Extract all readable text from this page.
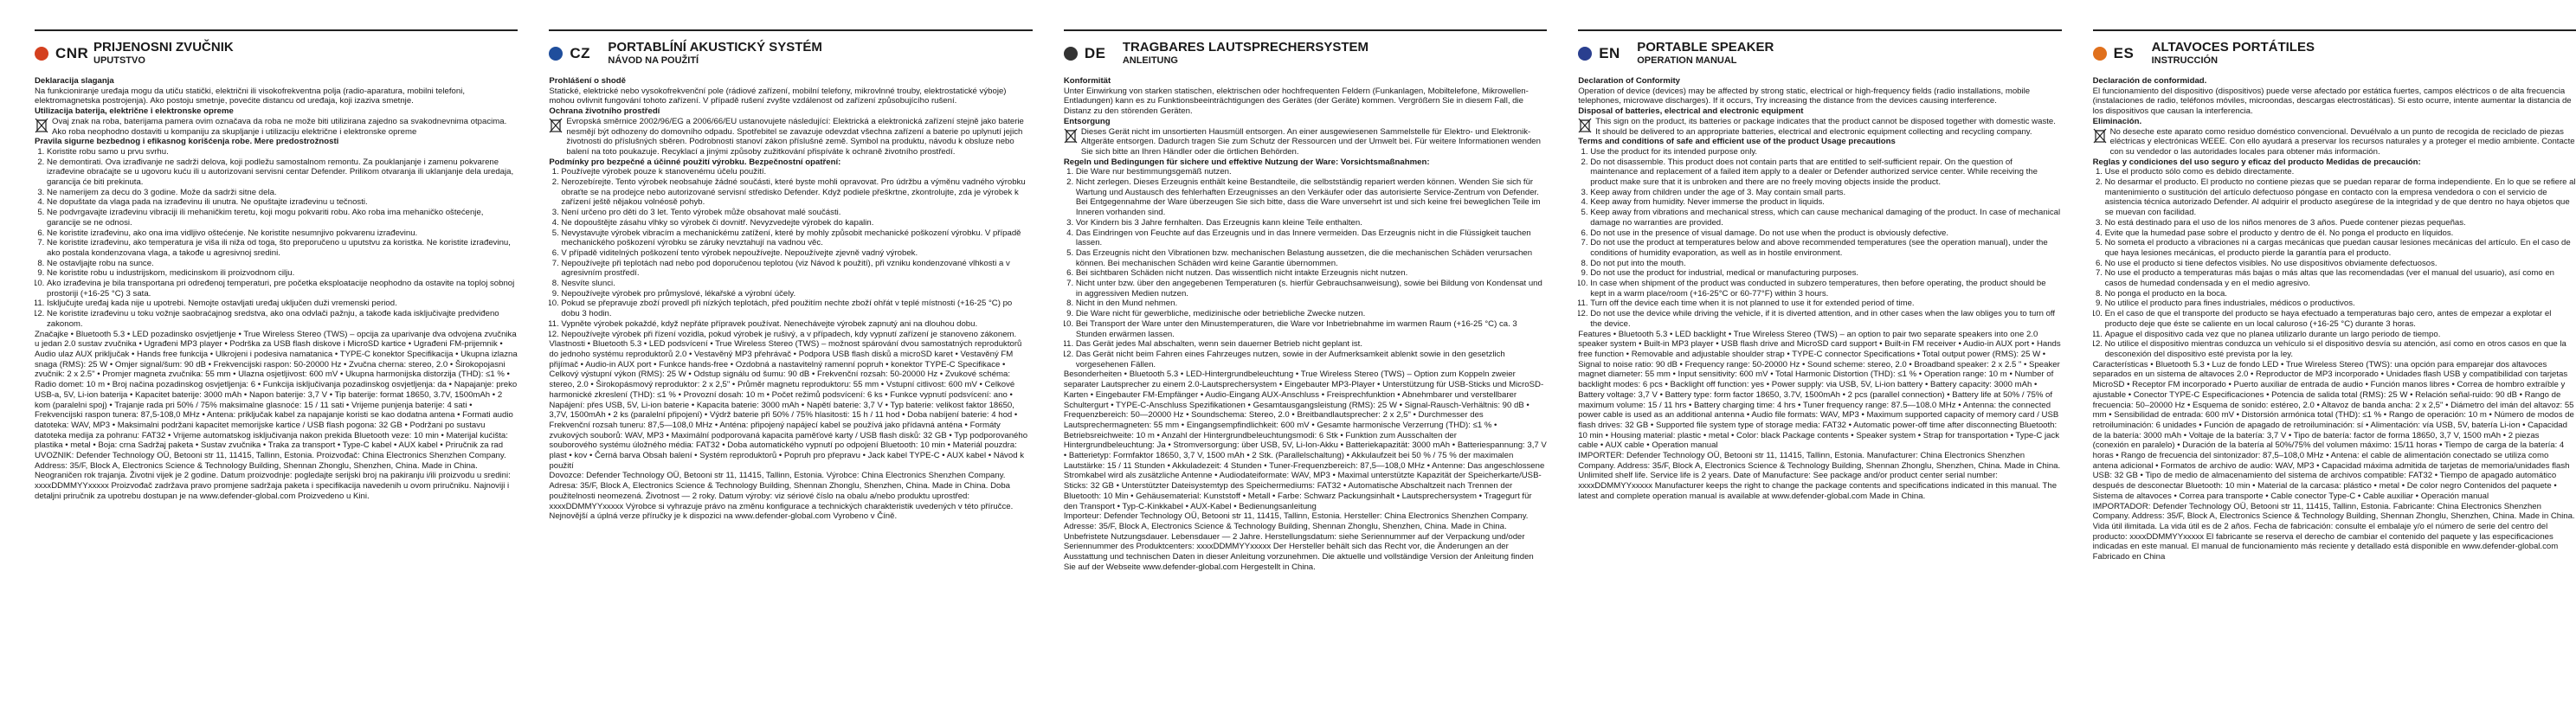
CNR PRIJENOSNI ZVUČNIK
UPUTSTVO

Deklaracija slaganja

Na funkcioniranje uređaja mogu da utiču statički, električni ili visokofrekventna polja (radio-aparatura, mobilni telefoni, elektromagnetska postrojenja). Ako postoju smetnje, povećite distancu od uređaja, koji izaziva smetnje.

Utilizacija baterija, električne i elektronske opreme

Ovaj znak na roba, baterijama pamera ovim označava da roba ne može biti utilizirana zajedno sa svakodnevnima otpacima. Ako roba neophodno dostaviti u kompaniju za skupljanje i utilizaciju električne i elektronske opreme

Pravila sigurne bezbednog i efikasnog korišćenja robe. Mere predostrožnosti

1. Koristite robu samo u prvu svrhu.
2. Ne demontirati. Ova izrađivanje ne sadrži delova, koji podležu samostalnom remontu. Za pouklanjanje i zamenu pokvarene izrađevine obraćajte se u ugovoru kuću ili u autorizovani servisni centar Defender. Prilikom otvaranja ili uklanjanje dela uredaja, garancija će biti prekinuta.
3. Ne namerijem za decu do 3 godine. Može da sadrži sitne dela.
4. Ne dopuštate da vlaga pada na izrađevinu ili unutra. Ne opuštajte izrađevinu u tečnosti.
5. Ne podvrgavajte izrađevinu vibraciji ili mehaničkim teretu, koji mogu pokvariti robu. Ako roba ima mehaničko oštećenje, garancije se ne odnosi.
6. Ne koristite izrađevinu, ako ona ima vidljivo oštećenje. Ne koristite nesumnjivo pokvarenu izrađevinu.
7. Ne koristite izrađevinu, ako temperatura je viša ili niža od toga, što preporučeno u uputstvu za koristka. Ne koristite izrađevinu, ako postala kondenzovana vlaga, a takođe u agresivnoj sredini.
8. Ne ostavljajte robu na sunce.
9. Ne koristite robu u industrijskom, medicinskom ili proizvodnom cilju.
10. Ako izrađevina je bila transportana pri određenoj temperaturi, pre početka eksploatacije neophodno da ostavite na toploj sobnoj prostoriji (+16-25 °C) 3 sata.
11. Isključujte uređaj kada nije u upotrebi. Nemojte ostavljati uređaj uključen duži vremenski period.
12. Ne koristite izrađevinu u toku vožnje saobraćajnog sredstva, ako ona odvlači pažnju, a takođe kada isključivajte predviđeno zakonom.

Značajke • Bluetooth 5.3 • LED pozadinsko osvjetljenje • True Wireless Stereo (TWS) – opcija za uparivanje dva odvojena zvučnika u jedan 2.0 sustav zvučnika • Ugrađeni MP3 player • Podrška za USB flash diskove i MicroSD kartice • Ugrađeni FM-prijemnik • Audio ulaz AUX priključak • Hands free funkcija • Ulkrojeni i podesiva namatanica • TYPE-C konektor Specifikacija • Ukupna izlazna snaga (RMS): 25 W • Omjer signal/šum: 90 dB • Frekvencijski raspon: 50-20000 Hz • Zvučna cherna: stereo, 2.0 • Širokopojasni zvučnik: 2 x 2.5" • Promjer magneta zvučnika: 55 mm • Ulazna osjetljivost: 600 mV • Ukupna harmonijska distorzija (THD): ≤1 % • Radio domet: 10 m • Broj načina pozadinskog osvjetljenja: 6 • Funkcija isključivanja pozadinskog osvjetljenja: da • Napajanje: preko USB-a, 5V, Li-ion baterija • Kapacitet baterije: 3000 mAh • Napon baterije: 3,7 V • Tip baterije: format 18650, 3.7V, 1500mAh • 2 kom (paralelni spoj) • Trajanje rada pri 50% / 75% maksimalne glasnoće: 15 / 11 sati • Vrijeme punjenja baterije: 4 sati • Frekvencijski raspon tunera: 87,5-108,0 MHz • Antena: priključak kabel za napajanje koristi se kao dodatna antena • Formati audio datoteka: WAV, MP3 • Maksimalni podržani kapacitet memorijske kartice / USB flash pogona: 32 GB • Podržani po sustavu datoteka medija za pohranu: FAT32 • Vrijeme automatskog isključivanja nakon prekida Bluetooth veze: 10 min • Materijal kućišta: plastika • metal • Boja: crna Sadržaj paketa • Sustav zvučnika • Traka za transport • Type-C kabel • AUX kabel • Priručnik za rad

UVOZNIK: Defender Technology OÜ, Betooni str 11, 11415, Tallinn, Estonia. Proizvođač: China Electronics Shenzhen Company. Address: 35/F, Block A, Electronics Science & Technology Building, Shennan Zhonglu, Shenzhen, China. Made in China. Neograničen rok trajanja. Životni vijek je 2 godine. Datum proizvodnje: pogledajte serijski broj na pakiranju i/ili proizvodu u sredini: xxxxDDMMYYxxxxx Proizvođač zadržava pravo promjene sadržaja paketa i specifikacija navedenih u ovom priručniku. Najnoviji i detaljni priručnik za upotrebu dostupan je na www.defender-global.com Proizvedeno u Kini.

CZ	PORTABLÍNÍ AKUSTICKÝ SYSTÉM
NÁVOD NA POUŽITÍ

Prohlášení o shodě

Statické, elektrické nebo vysokofrekvenční pole (rádiové zařízení, mobilní telefony, mikrovlnné trouby, elektrostatické výboje) mohou ovlivnit fungování tohoto zařízení. V případě rušení zvyšte vzdálenost od zařízení způsobujícího rušení.

Ochrana životního prostředí

Evropská směrnice 2002/96/EG a 2006/66/EU ustanovujete následující: Elektrická a elektronická zařízení stejně jako baterie nesmějí být odhozeny do domovního odpadu. Spotřebitel se zavazuje odevzdat všechna zařízení a baterie po uplynutí jejich životnosti do příslušných sběren. Podrobnosti stanoví zákon příslušné země. Symbol na produktu, návodu k obsluze nebo balení na toto poukazuje. Recyklací a jinými způsoby zužitkování přispíváte k ochraně životního prostředí.

Podmínky pro bezpečné a účinné použití výrobku. Bezpečnostní opatření:

1. Používejte výrobek pouze k stanovenému účelu použití.
2. Nerozebírejte. Tento výrobek neobsahuje žádné součásti, které bystе mohli opravovat. Pro údržbu a výměnu vadného výrobku obraťte se na prodejce nebo autorizované servisní středisko Defender. Když podiele přeškrtne, zkontrolujte, zda je výrobek k zařízení ještě nějakou volnéosě pohyb.
3. Není určeno pro děti do 3 let. Tento výrobek může obsahovat malé součásti.
4. Ne dopouštějte zásahu vlhky so výrobek či dovnitř. Nevyzvedejte výrobek do kapalin.
5. Nevystavujte výrobek vibracím a mechanickému zatížení, které by mohly způsobit mechanické poškození výrobku. V případě mechanického poškození výrobku se záruky nevztahují na vadnou věc.
6. V případě viditelných poškození tento výrobek nepoužívejte. Nepoužívejte zjevně vadný výrobek.
7. Nepoužívejte při teplotách nad nebo pod doporučenou teplotou (viz Návod k použití), při vzniku kondenzované vlhkosti a v agresivním prostředí.
8. Nesvíte slunci.
9. Nepoužívejte výrobek pro průmyslové, lékařské a výrobní účely.
10. Pokud se přepravuje zboží provedl při nízkých teplotách, před použitím nechte zboží ohřát v teplé místnosti (+16-25 °C) po dobu 3 hodin.
11. Vypněte výrobek pokaždé, když nepřáte přípravek používat. Nenechávejte výrobek zapnutý ani na dlouhou dobu.
12. Nepoužívejte výrobek při řízení vozidla, pokud výrobek je rušivý, a v případech, kdy vypnutí zařízení je stanoveno zákonem.

Vlastnosti • Bluetooth 5.3 • LED podsvícení • True Wireless Stereo (TWS) – možnost spárování dvou samostatných reproduktorů do jednoho systému reproduktorů 2.0 • Vestavěný MP3 přehrávač • Podpora USB flash disků a microSD karet • Vestavěný FM přijímač • Audio-in AUX port • Funkce hands-free • Ozdobná a nastavitelný ramenní popruh • konektor TYPE-C Specifikace • Celkový výstupní výkon (RMS): 25 W • Odstup signálu od šumu: 90 dB • Frekvenční rozsah: 50-20000 Hz • Zvukové schéma: stereo, 2.0 • Širokopásmový reproduktor: 2 x 2,5" • Průměr magnetu reproduktoru: 55 mm • Vstupní citlivost: 600 mV • Celkové harmonické zkreslení (THD): ≤1 % • Provozní dosah: 10 m • Počet režimů podsvícení: 6 ks • Funkce vypnutí podsvícení: ano • Napájení: přes USB, 5V, Li-ion baterie • Kapacita baterie: 3000 mAh • Napětí baterie: 3,7 V • Typ baterie: velikost faktor 18650, 3,7V, 1500mAh • 2 ks (paralelní připojení) • Výdrž baterie při 50% / 75% hlasitosti: 15 h / 11 hod • Doba nabíjení baterie: 4 hod • Frekvenční rozsah tuneru: 87,5—108,0 MHz • Anténa: připojený napájecí kabel se používá jako přídavná anténa • Formáty zvukových souborů: WAV, MP3 • Maximální podporovaná kapacita paměťové karty / USB flash disků: 32 GB • Typ podporovaného souborového systému úložného média: FAT32 • Doba automatického vypnutí po odpojení Bluetooth: 10 min • Materiál pouzdra: plast • kov • Černá barva Obsah balení • Systém reproduktorů • Popruh pro přepravu • Jack kabel TYPE-C • AUX kabel • Návod k použití

Dovozce: Defender Technology OÜ, Betooni str 11, 11415, Tallinn, Estonia. Výrobce: China Electronics Shenzhen Company. Adresa: 35/F, Block A, Electronics Science & Technology Building, Shennan Zhonglu, Shenzhen, China. Made in China. Doba použitelnosti neomezená. Životnost — 2 roky. Datum výroby: viz sériové číslo na obalu a/nebo produktu uprostřed: xxxxDDMMYYxxxxx Výrobce si vyhrazuje právo na změnu konfigurace a technických charakteristik uvedených v této příručce. Nejnovější a úplná verze příručky je k dispozici na www.defender-global.com Vyrobeno v Číně.

DE	TRAGBARES LAUTSPRECHERSYSTEM
ANLEITUNG

Konformität

Unter Einwirkung von starken statischen, elektrischen oder hochfrequenten Feldern (Funkanlagen, Mobiltelefone, Mikrowellen-Entladungen) kann es zu Funktionsbeeinträchtigungen des Gerätes (der Geräte) kommen. Vergrößern Sie in diesem Fall, die Distanz zu den störenden Geräten.

Entsorgung

Dieses Gerät nicht im unsortierten Hausmüll entsorgen. An einer ausgewiesenen Sammelstelle für Elektro- und Elektronik-Altgeräte entsorgen. Dadurch tragen Sie zum Schutz der Ressourcen und der Umwelt bei. Für weitere Informationen wenden Sie sich bitte an Ihren Händler oder die örtlichen Behörden.

Regeln und Bedingungen für sichere und effektive Nutzung der Ware: Vorsichtsmaßnahmen:

1. Die Ware nur bestimmungsgemäß nutzen.
2. Nicht zerlegen. Dieses Erzeugnis enthält keine Bestandteile, die selbstständig repariert werden können. Wenden Sie sich für Wartung und Austausch des fehlerhaften Erzeugnisses an den Verkäufer oder das autorisierte Service-Zentrum von Defender. Bei Entgegennahme der Ware überzeugen Sie sich bitte, dass die Ware unversehrt ist und sich keine frei beweglichen Teile im Inneren vorhanden sind.
3. Vor Kindern bis 3 Jahre fernhalten. Das Erzeugnis kann kleine Teile enthalten.
4. Das Eindringen von Feuchte auf das Erzeugnis und in das Innere vermeiden. Das Erzeugnis nicht in die Flüssigkeit tauchen lassen.
5. Das Erzeugnis nicht den Vibrationen bzw. mechanischen Belastung aussetzen, die die mechanischen Schäden verursachen können. Bei mechanischen Schäden wird keine Garantie übernommen.
6. Bei sichtbaren Schäden nicht nutzen. Das wissentlich nicht intakte Erzeugnis nicht nutzen.
7. Nicht unter bzw. über den angegebenen Temperaturen (s. hierfür Gebrauchsanweisung), sowie bei Bildung von Kondensat und in aggressiven Medien nutzen.
8. Nicht in den Mund nehmen.
9. Die Ware nicht für gewerbliche, medizinische oder betriebliche Zwecke nutzen.
10. Bei Transport der Ware unter den Minustemperaturen, die Ware vor Inbetriebnahme im warmen Raum (+16-25 °C) ca. 3 Stunden erwärmen lassen.
11. Das Gerät jedes Mal abschalten, wenn sein dauerner Betrieb nicht geplant ist.
12. Das Gerät nicht beim Fahren eines Fahrzeuges nutzen, sowie in der Aufmerksamkeit ablenkt sowie in den gesetzlich vorgesehenen Fällen.

Besonderheiten • Bluetooth 5.3 • LED-Hintergrundbeleuchtung • True Wireless Stereo (TWS) – Option zum Koppeln zweier separater Lautsprecher zu einem 2.0-Lautsprechersystem • Eingebauter MP3-Player • Unterstützung für USB-Sticks und MicroSD-Karten • Eingebauter FM-Empfänger • Audio-Eingang AUX-Anschluss • Freisprechfunktion • Abnehmbarer und verstellbarer Schultergurt • TYPE-C-Anschluss Spezifikationen • Gesamtausgangsleistung (RMS): 25 W • Signal-Rausch-Verhältnis: 90 dB • Frequenzbereich: 50—20000 Hz • Soundschema: Stereo, 2.0 • Breitbandlautsprecher: 2 x 2,5" • Durchmesser des Lautsprechermagneten: 55 mm • Eingangsempfindlichkeit: 600 mV • Gesamte harmonische Verzerrung (THD): ≤1 % • Betriebsreichweite: 10 m • Anzahl der Hintergrundbeleuchtungsmodi: 6 Stk • Funktion zum Ausschalten der Hintergrundbeleuchtung: Ja • Stromversorgung: über USB, 5V, Li-Ion-Akku • Batteriekapazität: 3000 mAh • Batteriespannung: 3,7 V • Batterietyp: Formfaktor 18650, 3,7 V, 1500 mAh • 2 Stk. (Parallelschaltung) • Akkulaufzeit bei 50 % / 75 % der maximalen Lautstärke: 15 / 11 Stunden • Akkuladezeit: 4 Stunden • Tuner-Frequenzbereich: 87,5—108,0 MHz • Antenne: Das angeschlossene Stromkabel wird als zusätzliche Antenne • Audiodateiformate: WAV, MP3 • Maximal unterstützte Kapazität der Speicherkarte/USB-Sticks: 32 GB • Unterstützter Dateisystemtyp des Speichermediums: FAT32 • Automatische Abschaltzeit nach Trennen der Bluetooth: 10 Min • Gehäusematerial: Kunststoff • Metall • Farbe: Schwarz Packungsinhalt • Lautsprechersystem • Tragegurt für den Transport • Typ-C-Kinkkabel • AUX-Kabel • Bedienungsanleitung

Importeur: Defender Technology OÜ, Betooni str 11, 11415, Tallinn, Estonia. Hersteller: China Electronics Shenzhen Company. Adresse: 35/F, Block A, Electronics Science & Technology Building, Shennan Zhonglu, Shenzhen, China. Made in China. Unbefristete Nutzungsdauer. Lebensdauer — 2 Jahre. Herstellungsdatum: siehe Seriennummer auf der Verpackung und/oder Seriennummer des Produktcenters: xxxxDDMMYYxxxxx Der Hersteller behält sich das Recht vor, die Änderungen an der Ausstattung und technischen Daten in dieser Anleitung vorzunehmen. Die aktuelle und vollständige Version der Anleitung finden Sie auf der Webseite www.defender-global.com Hergestellt in China.

EN	PORTABLE SPEAKER
OPERATION MANUAL

Declaration of Conformity

Operation of device (devices) may be affected by strong static, electrical or high-frequency fields (radio installations, mobile telephones, microwave discharges). If it occurs, Try increasing the distance from the devices causing interference.

Disposal of batteries, electrical and electronic equipment

This sign on the product, its batteries or package indicates that the product cannot be disposed together with domestic waste. It should be delivered to an appropriate batteries, electrical and electronic equipment collecting and recycling company.

Terms and conditions of safe and efficient use of the product Usage precautions

1. Use the product for its intended purpose only.
2. Do not disassemble. This product does not contain parts that are entitled to self-sufficient repair. On the question of maintenance and replacement of a failed item apply to a dealer or Defender authorized service center. While receiving the product make sure that it is unbroken and there are no freely moving objects inside the product.
3. Keep away from children under the age of 3. May contain small parts.
4. Keep away from humidity. Never immerse the product in liquids.
5. Keep away from vibrations and mechanical stress, which can cause mechanical damaging of the product. In case of mechanical damage no warranties are provided.
6. Do not use in the presence of visual damage. Do not use when the product is obviously defective.
7. Do not use the product at temperatures below and above recommended temperatures (see the operation manual), under the conditions of humidity evaporation, as well as in hostile environment.
8. Do not put into the mouth.
9. Do not use the product for industrial, medical or manufacturing purposes.
10. In case when shipment of the product was conducted in subzero temperatures, then before operating, the product should be kept in a warm place/room (+16-25°C or 60-77°F) within 3 hours.
11. Turn off the device each time when it is not planned to use it for extended period of time.
12. Do not use the device while driving the vehicle, if it is diverted attention, and in other cases when the law obliges you to turn off the device.

Features • Bluetooth 5.3 • LED backlight • True Wireless Stereo (TWS) – an option to pair two separate speakers into one 2.0 speaker system • Built-in MP3 player • USB flash drive and MicroSD card support • Built-in FM receiver • Audio-in AUX port • Hands free function • Removable and adjustable shoulder strap • TYPE-C connector Specifications • Total output power (RMS): 25 W • Signal to noise ratio: 90 dB • Frequency range: 50-20000 Hz • Sound scheme: stereo, 2.0 • Broadband speaker: 2 x 2.5 " • Speaker magnet diameter: 55 mm • Input sensitivity: 600 mV • Total Harmonic Distortion (THD): ≤1 % • Operation range: 10 m • Number of backlight modes: 6 pcs • Backlight off function: yes • Power supply: via USB, 5V, Li-ion battery • Battery capacity: 3000 mAh • Battery voltage: 3,7 V • Battery type: form factor 18650, 3.7V, 1500mAh • 2 pcs (parallel connection) • Battery life at 50% / 75% of maximum volume: 15 / 11 hrs • Battery charging time: 4 hrs • Tuner frequency range: 87.5—108.0 MHz • Antenna: the connected power cable is used as an additional antenna • Audio file formats: WAV, MP3 • Maximum supported capacity of memory card / USB flash drives: 32 GB • Supported file system type of storage media: FAT32 • Automatic power-off time after disconnecting Bluetooth: 10 min • Housing material: plastic • metal • Color: black Package contents • Speaker system • Strap for transportation • Type-C jack cable • AUX cable • Operation manual

IMPORTER: Defender Technology OÜ, Betooni str 11, 11415, Tallinn, Estonia. Manufacturer: China Electronics Shenzhen Company. Address: 35/F, Block A, Electronics Science & Technology Building, Shennan Zhonglu, Shenzhen, China. Made in China. Unlimited shelf life. Service life is 2 years. Date of Manufacture: See package and/or product center serial number: xxxxDDMMYYxxxxx Manufacturer keeps the right to change the package contents and specifications indicated in this manual. The latest and complete operation manual is available at www.defender-global.com Made in China.

ES	ALTAVOCES PORTÁTILES
INSTRUCCIÓN

Declaración de conformidad.

El funcionamiento del dispositivo (dispositivos) puede verse afectado por estática fuertes, campos eléctricos o de alta frecuencia (instalaciones de radio, teléfonos móviles, microondas, descargas electrostáticas). Si esto ocurre, intente aumentar la distancia de los dispositivos que causan la interferencia.

Eliminación.

No deseche este aparato como residuo doméstico convencional. Devuélvalo a un punto de recogida de reciclado de piezas eléctricas y electrónicas WEEE. Con ello ayudará a preservar los recursos naturales y a proteger el medio ambiente. Contacte con su vendedor o las autoridades locales para obtener más información.

Reglas y condiciones del uso seguro y eficaz del producto Medidas de precaución:

1. Use el producto sólo como es debido directamente.
2. No desarmar el producto. El producto no contiene piezas que se puedan reparar de forma independiente. En lo que se refiere al mantenimiento o sustitución del artículo defectuoso póngase en contacto con la empresa vendedora o con el servicio de asistencia técnica autorizado Defender. Al adquirir el producto asegúrese de la integridad y de que dentro no haya objetos que se muevan con facilidad.
3. No está destinado para el uso de los niños menores de 3 años. Puede contener piezas pequeñas.
4. Evite que la humedad pase sobre el producto y dentro de él. No ponga el producto en líquidos.
5. No someta el producto a vibraciones ni a cargas mecánicas que puedan causar lesiones mecánicas del artículo. En el caso de que haya lesiones mecánicas, el producto pierde la garantía para el producto.
6. No use el producto si tiene defectos visibles. No use dispositivos obviamente defectuosos.
7. No use el producto a temperaturas más bajas o más altas que las recomendadas (ver el manual del usuario), así como en casos de humedad condensada y en el medio agresivo.
8. No ponga el producto en la boca.
9. No utilice el producto para fines industriales, médicos o productivos.
10. En el caso de que el transporte del producto se haya efectuado a temperaturas bajo cero, antes de empezar a explotar el producto deje que éste se caliente en un local caluroso (+16-25 °C) durante 3 horas.
11. Apague el dispositivo cada vez que no planea utilizarlo durante un largo periodo de tiempo.
12. No utilice el dispositivo mientras conduzca un vehículo si el dispositivo desvía su atención, así como en otros casos en que la desconexión del dispositivo esté prevista por la ley.

Características • Bluetooth 5.3 • Luz de fondo LED • True Wireless Stereo (TWS): una opción para emparejar dos altavoces separados en un sistema de altavoces 2.0 • Reproductor de MP3 incorporado • Unidades flash USB y compatibilidad con tarjetas MicroSD • Receptor FM incorporado • Puerto auxiliar de entrada de audio • Función manos libres • Correa de hombro extraíble y ajustable • Conector TYPE-C Especificaciones • Potencia de salida total (RMS): 25 W • Relación señal-ruido: 90 dB • Rango de frecuencia: 50–20000 Hz • Esquema de sonido: estéreo, 2.0 • Altavoz de banda ancha: 2 x 2,5" • Diámetro del imán del altavoz: 55 mm • Sensibilidad de entrada: 600 mV • Distorsión armónica total (THD): ≤1 % • Rango de operación: 10 m • Número de modos de retroiluminación: 6 unidades • Función de apagado de retroiluminación: sí • Alimentación: vía USB, 5V, batería Li-ion • Capacidad de la batería: 3000 mAh • Voltaje de la batería: 3,7 V • Tipo de batería: factor de forma 18650, 3,7 V, 1500 mAh • 2 piezas (conexión en paralelo) • Duración de la batería al 50%/75% del volumen máximo: 15/11 horas • Tiempo de carga de la batería: 4 horas • Rango de frecuencia del sintonizador: 87,5–108,0 MHz • Antena: el cable de alimentación conectado se utiliza como antena adicional • Formatos de archivo de audio: WAV, MP3 • Capacidad máxima admitida de tarjetas de memoria/unidades flash USB: 32 GB • Tipo de medio de almacenamiento del sistema de archivos compatible: FAT32 • Tiempo de apagado automático después de desconectar Bluetooth: 10 min • Material de la carcasa: plástico • metal • De color negro Contenidos del paquete • Sistema de altavoces • Correa para transporte • Cable conector Type-C • Cable auxiliar • Operación manual

IMPORTADOR: Defender Technology OÜ, Betooni str 11, 11415, Tallinn, Estonia. Fabricante: China Electronics Shenzhen Company. Address: 35/F, Block A, Electronics Science & Technology Building, Shennan Zhonglu, Shenzhen, China. Made in China. Vida útil ilimitada. La vida útil es de 2 años. Fecha de fabricación: consulte el embalaje y/o el número de serie del centro del producto: xxxxDDMMYYxxxxx El fabricante se reserva el derecho de cambiar el contenido del paquete y las especificaciones indicadas en este manual. El manual de funcionamiento más reciente y detallado está disponible en www.defender-global.com Fabricado en China
